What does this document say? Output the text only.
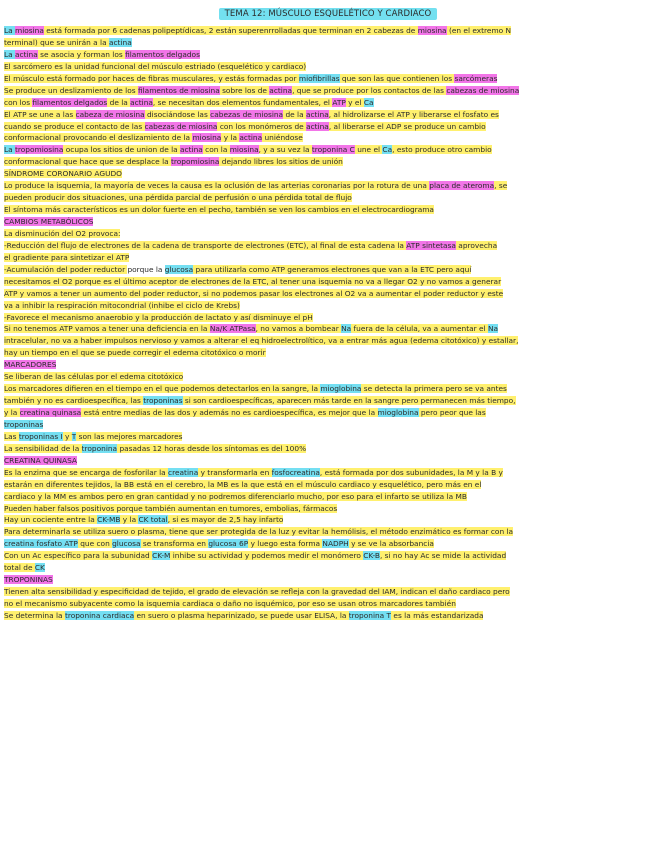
TEMA 12: MÚSCULO ESQUELÉTICO Y CARDIACO
La miosina está formada por 6 cadenas polipeptídicas, 2 están superenrrolladas que terminan en 2 cabezas de miosina (en el extremo N
terminal) que se unirán a la actina
La actina se asocia y forman los filamentos delgados
El sarcómero es la unidad funcional del músculo estriado (esquelético y cardiaco)
El músculo está formado por haces de fibras musculares, y estás formadas por miofibrillas que son las que contienen los sarcómeras
Se produce un deslizamiento de los filamentos de miosina sobre los de actina, que se produce por los contactos de las cabezas de miosina
con los filamentos delgados de la actina, se necesitan dos elementos fundamentales, el ATP y el Ca
El ATP se une a las cabeza de miosina disociándose las cabezas de miosina de la actina, al hidrolizarse el ATP y liberarse el fosfato es
cuando se produce el contacto de las cabezas de miosina con los monómeros de actina, al liberarse el ADP se produce un cambio
conformacional provocando el deslizamiento de la miosina y la actina uniéndose
La tropomiosina ocupa los sitios de union de la actina con la miosina, y a su vez la troponina C une el Ca, esto produce otro cambio
conformacional que hace que se desplace la tropomiosina dejando libres los sitios de unión
SÍNDROME CORONARIO AGUDO
Lo produce la isquemia, la mayoría de veces la causa es la oclusión de las arterias coronarias por la rotura de una placa de ateroma, se
pueden producir dos situaciones, una pérdida parcial de perfusión o una pérdida total de flujo
El síntoma más característicos es un dolor fuerte en el pecho, también se ven los cambios en el electrocardiograma
CAMBIOS METABÓLICOS
La disminución del O2 provoca:
-Reducción del flujo de electrones de la cadena de transporte de electrones (ETC), al final de esta cadena la ATP sintetasa aprovecha
el gradiente para sintetizar el ATP
-Acumulación del poder reductor porque la glucosa para utilizarla como ATP generamos electrones que van a la ETC pero aquí
necesitamos el O2 porque es el último aceptor de electrones de la ETC, al tener una isquemia no va a llegar O2 y no vamos a generar
ATP y vamos a tener un aumento del poder reductor, si no podemos pasar los electrones al O2 va a aumentar el poder reductor y este
va a inhibir la respiración mitocondrial (inhibe el ciclo de Krebs)
-Favorece el mecanismo anaerobio y la producción de lactato y así disminuye el pH
Si no tenemos ATP vamos a tener una deficiencia en la Na/K ATPasa, no vamos a bombear Na fuera de la célula, va a aumentar el Na
intracelular, no va a haber impulsos nervioso y vamos a alterar el eq hidroelectrolítico, va a entrar más agua (edema citotóxico) y estallar,
hay un tiempo en el que se puede corregir el edema citotóxico o morir
MARCADORES
Se liberan de las células por el edema citotóxico
Los marcadores difieren en el tiempo en el que podemos detectarlos en la sangre, la mioglobina se detecta la primera pero se va antes
también y no es cardioespecífica, las troponinas si son cardioespecíficas, aparecen más tarde en la sangre pero permanecen más tiempo,
y la creatina quinasa está entre medias de las dos y además no es cardioespecífica, es mejor que la mioglobina pero peor que las
troponinas
Las troponinas I y T son las mejores marcadores
La sensibilidad de la troponina pasadas 12 horas desde los síntomas es del 100%
CREATINA QUINASA
Es la enzima que se encarga de fosforilar la creatina y transformarla en fosfocreatina, está formada por dos subunidades, la M y la B y
estarán en diferentes tejidos, la BB está en el cerebro, la MB es la que está en el músculo cardiaco y esquelético, pero más en el
cardiaco y la MM es ambos pero en gran cantidad y no podremos diferenciarlo mucho, por eso para el infarto se utiliza la MB
Pueden haber falsos positivos porque también aumentan en tumores, embolias, fármacos
Hay un cociente entre la CK-MB y la CK total, si es mayor de 2,5 hay infarto
Para determinarla se utiliza suero o plasma, tiene que ser protegida de la luz y evitar la hemólisis, el método enzimático es formar con la
creatina fosfato ATP que con glucosa se transforma en glucosa 6P y luego esta forma NADPH y se ve la absorbancia
Con un Ac específico para la subunidad CK-M inhibe su actividad y podemos medir el monómero CK-B, si no hay Ac se mide la actividad
total de CK
TROPONINAS
Tienen alta sensibilidad y especificidad de tejido, el grado de elevación se refleja con la gravedad del IAM, indican el daño cardiaco pero
no el mecanismo subyacente como la isquemia cardiaca o daño no isquémico, por eso se usan otros marcadores también
Se determina la troponina cardiaca en suero o plasma heparinizado, se puede usar ELISA, la troponina T es la más estandarizada
